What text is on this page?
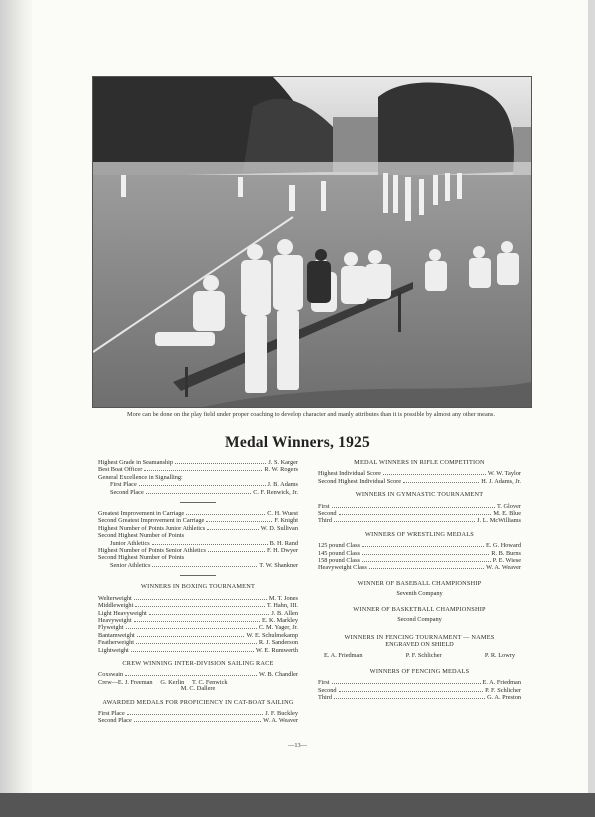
More can be done on the play field under proper coaching to develop character and manly attributes than it is possible by almost any other means.
Medal Winners, 1925
Highest Grade in Seamanship	J. S. Karger
Best Boat Officer	R. W. Rogers
General Excellence in Signalling:
First Place	J. B. Adams
Second Place	C. F. Renwick, Jr.
Greatest Improvement in Carriage	C. H. Wuest
Second Greatest Improvement in Carriage	F. Knight
Highest Number of Points Junior Athletics	W. D. Sullivan
Second Highest Number of Points
Junior Athletics	B. H. Rand
Highest Number of Points Senior Athletics	F. H. Dwyer
Second Highest Number of Points
Senior Athletics	T. W. Shankner
WINNERS IN BOXING TOURNAMENT
Welterweight	M. T. Jones
Middleweight	T. Hahn, III.
Light Heavyweight	J. B. Allen
Heavyweight	E. K. Markley
Flyweight	C. M. Yager, Jr.
Bantamweight	W. E. Schulmekamp
Featherweight	R. J. Sanderson
Lightweight	W. E. Rumwerth
CREW WINNING INTER-DIVISION SAILING RACE
Coxswain	W. B. Chandler
Crew—E. J. Freeman     G. Kerlin     T. C. Fenwick
M. C. Dallere
AWARDED MEDALS FOR PROFICIENCY IN CAT-BOAT SAILING
First Place	J. F. Buckley
Second Place	W. A. Weaver
MEDAL WINNERS IN RIFLE COMPETITION
Highest Individual Score	W. W. Taylor
Second Highest Individual Score	H. J. Adams, Jr.
WINNERS IN GYMNASTIC TOURNAMENT
First	T. Glover
Second	M. E. Blue
Third	J. L. McWilliams
WINNERS OF WRESTLING MEDALS
125 pound Class	E. G. Howard
145 pound Class	R. B. Burns
158 pound Class	P. E. Wiese
Heavyweight Class	W. A. Weaver
WINNER OF BASEBALL CHAMPIONSHIP
Seventh Company
WINNER OF BASKETBALL CHAMPIONSHIP
Second Company
WINNERS IN FENCING TOURNAMENT — NAMES
ENGRAVED ON SHIELD
E. A. Friedman	P. F. Schlicher	P. R. Lowry
WINNERS OF FENCING MEDALS
First	E. A. Friedman
Second	P. F. Schlicher
Third	G. A. Preston
—13—
